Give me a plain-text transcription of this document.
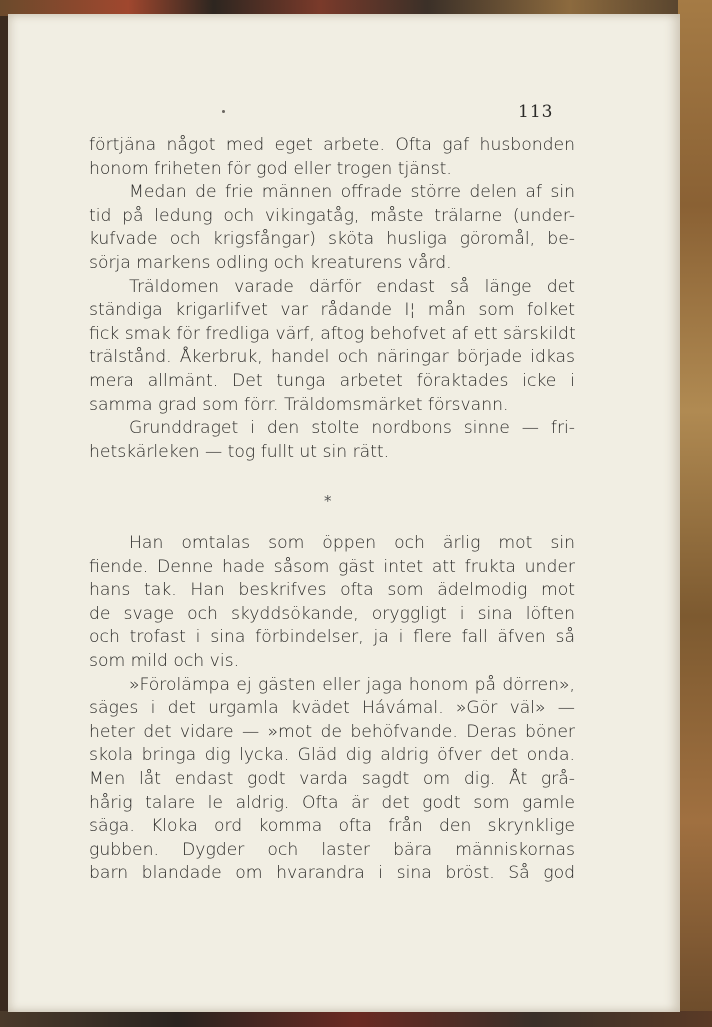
113
förtjäna något med eget arbete. Ofta gaf husbonden
honom friheten för god eller trogen tjänst.
Medan de frie männen offrade större delen af sin
tid på ledung och vikingatåg, måste trälarne (under-
kufvade och krigsfångar) sköta husliga göromål, be-
sörja markens odling och kreaturens vård.
Träldomen varade därför endast så länge det
ständiga krigarlifvet var rådande I¦ mån som folket
fick smak för fredliga värf, aftog behofvet af ett särskildt
trälstånd. Åkerbruk, handel och näringar började idkas
mera allmänt. Det tunga arbetet föraktades icke i
samma grad som förr. Träldomsmärket försvann.
Grunddraget i den stolte nordbons sinne — fri-
hetskärleken — tog fullt ut sin rätt.
*
Han omtalas som öppen och ärlig mot sin
fiende. Denne hade såsom gäst intet att frukta under
hans tak. Han beskrifves ofta som ädelmodig mot
de svage och skyddsökande, oryggligt i sina löften
och trofast i sina förbindelser, ja i flere fall äfven så
som mild och vis.
»Förolämpa ej gästen eller jaga honom på dörren»,
säges i det urgamla kvädet Hávámal. »Gör väl» —
heter det vidare — »mot de behöfvande. Deras böner
skola bringa dig lycka. Gläd dig aldrig öfver det onda.
Men låt endast godt varda sagdt om dig. Åt grå-
hårig talare le aldrig. Ofta är det godt som gamle
säga. Kloka ord komma ofta från den skrynklige
gubben. Dygder och laster bära människornas
barn blandade om hvarandra i sina bröst. Så god
